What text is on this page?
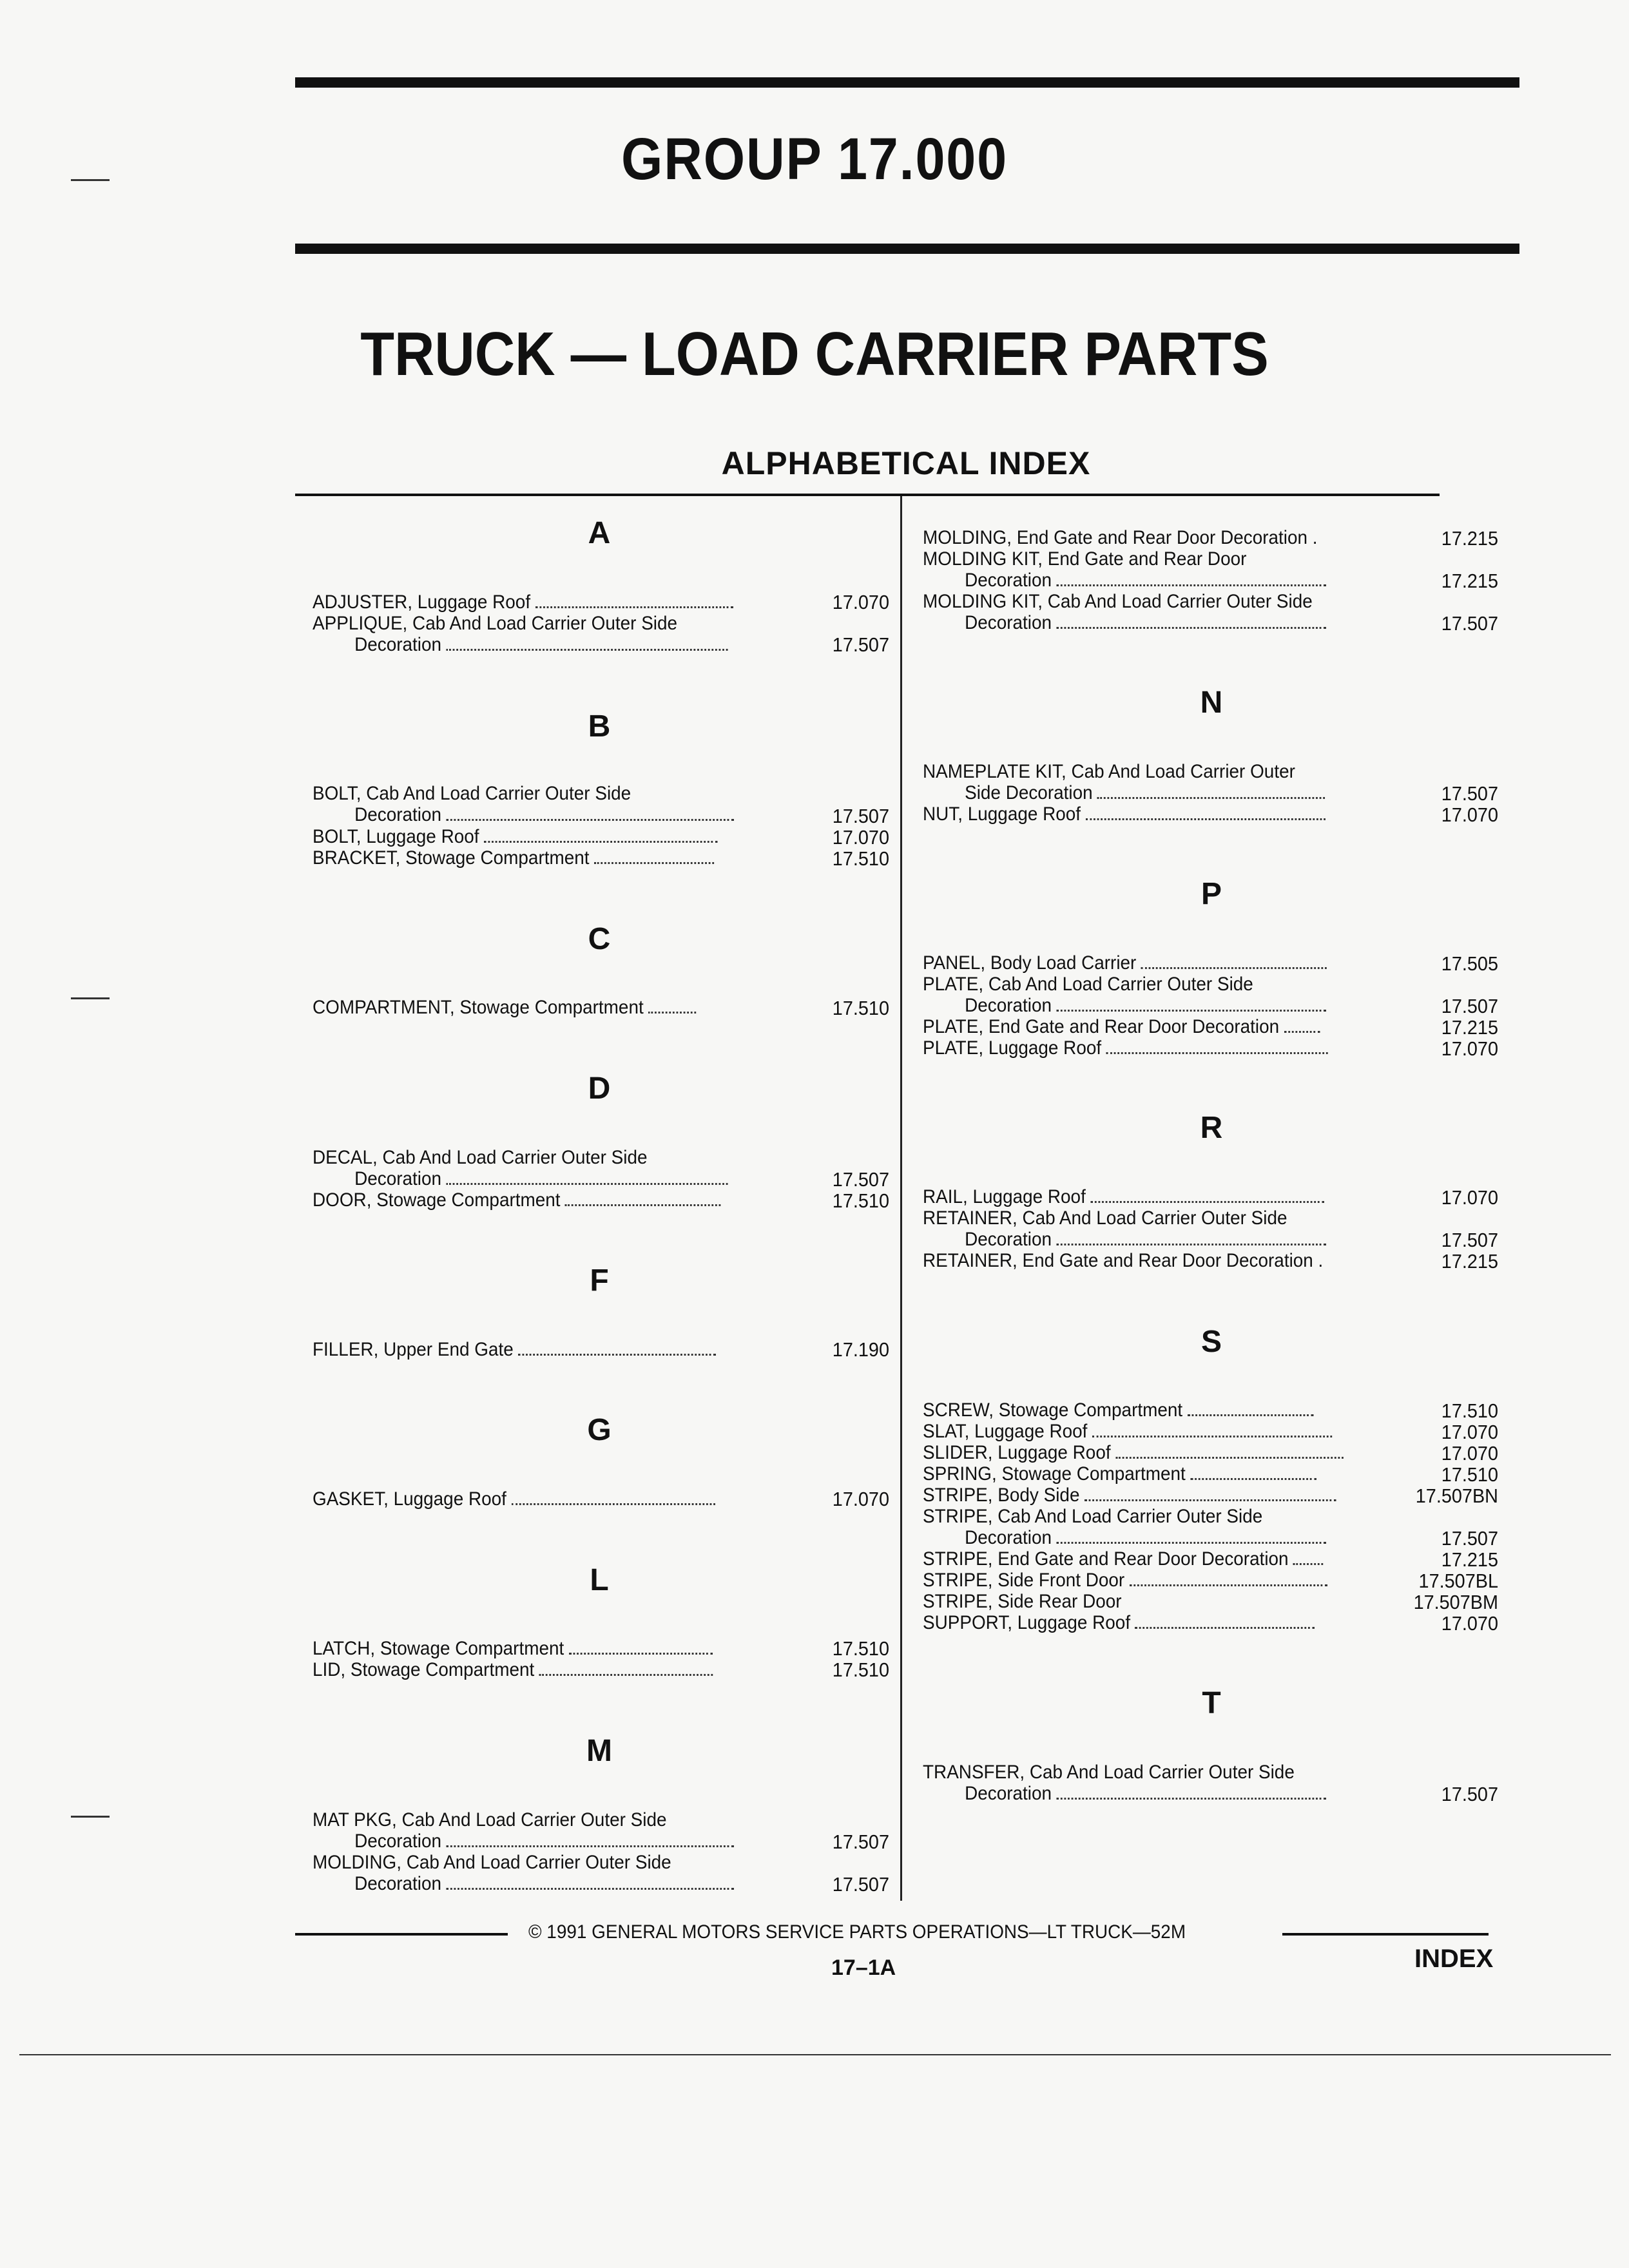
GROUP 17.000
TRUCK — LOAD CARRIER PARTS
ALPHABETICAL INDEX
A
ADJUSTER, Luggage Roof	17.070
APPLIQUE, Cab And Load Carrier Outer Side
Decoration	17.507
B
BOLT, Cab And Load Carrier Outer Side
Decoration	17.507
BOLT, Luggage Roof	17.070
BRACKET, Stowage Compartment	17.510
C
COMPARTMENT, Stowage Compartment	17.510
D
DECAL, Cab And Load Carrier Outer Side
Decoration	17.507
DOOR, Stowage Compartment	17.510
F
FILLER, Upper End Gate	17.190
G
GASKET, Luggage Roof	17.070
L
LATCH, Stowage Compartment	17.510
LID, Stowage Compartment	17.510
M
MAT PKG, Cab And Load Carrier Outer Side
Decoration	17.507
MOLDING, Cab And Load Carrier Outer Side
Decoration	17.507
MOLDING, End Gate and Rear Door Decoration .	17.215
MOLDING KIT, End Gate and Rear Door
Decoration	17.215
MOLDING KIT, Cab And Load Carrier Outer Side
Decoration	17.507
N
NAMEPLATE KIT, Cab And Load Carrier Outer
Side Decoration	17.507
NUT, Luggage Roof	17.070
P
PANEL, Body Load Carrier	17.505
PLATE, Cab And Load Carrier Outer Side
Decoration	17.507
PLATE, End Gate and Rear Door Decoration	17.215
PLATE, Luggage Roof	17.070
R
RAIL, Luggage Roof	17.070
RETAINER, Cab And Load Carrier Outer Side
Decoration	17.507
RETAINER, End Gate and Rear Door Decoration .	17.215
S
SCREW, Stowage Compartment	17.510
SLAT, Luggage Roof	17.070
SLIDER, Luggage Roof	17.070
SPRING, Stowage Compartment	17.510
STRIPE, Body Side	17.507BN
STRIPE, Cab And Load Carrier Outer Side
Decoration	17.507
STRIPE, End Gate and Rear Door Decoration	17.215
STRIPE, Side Front Door	17.507BL
STRIPE, Side Rear Door	17.507BM
SUPPORT, Luggage Roof	17.070
T
TRANSFER, Cab And Load Carrier Outer Side
Decoration	17.507
© 1991 GENERAL MOTORS SERVICE PARTS OPERATIONS—LT TRUCK—52M
17–1A	INDEX
